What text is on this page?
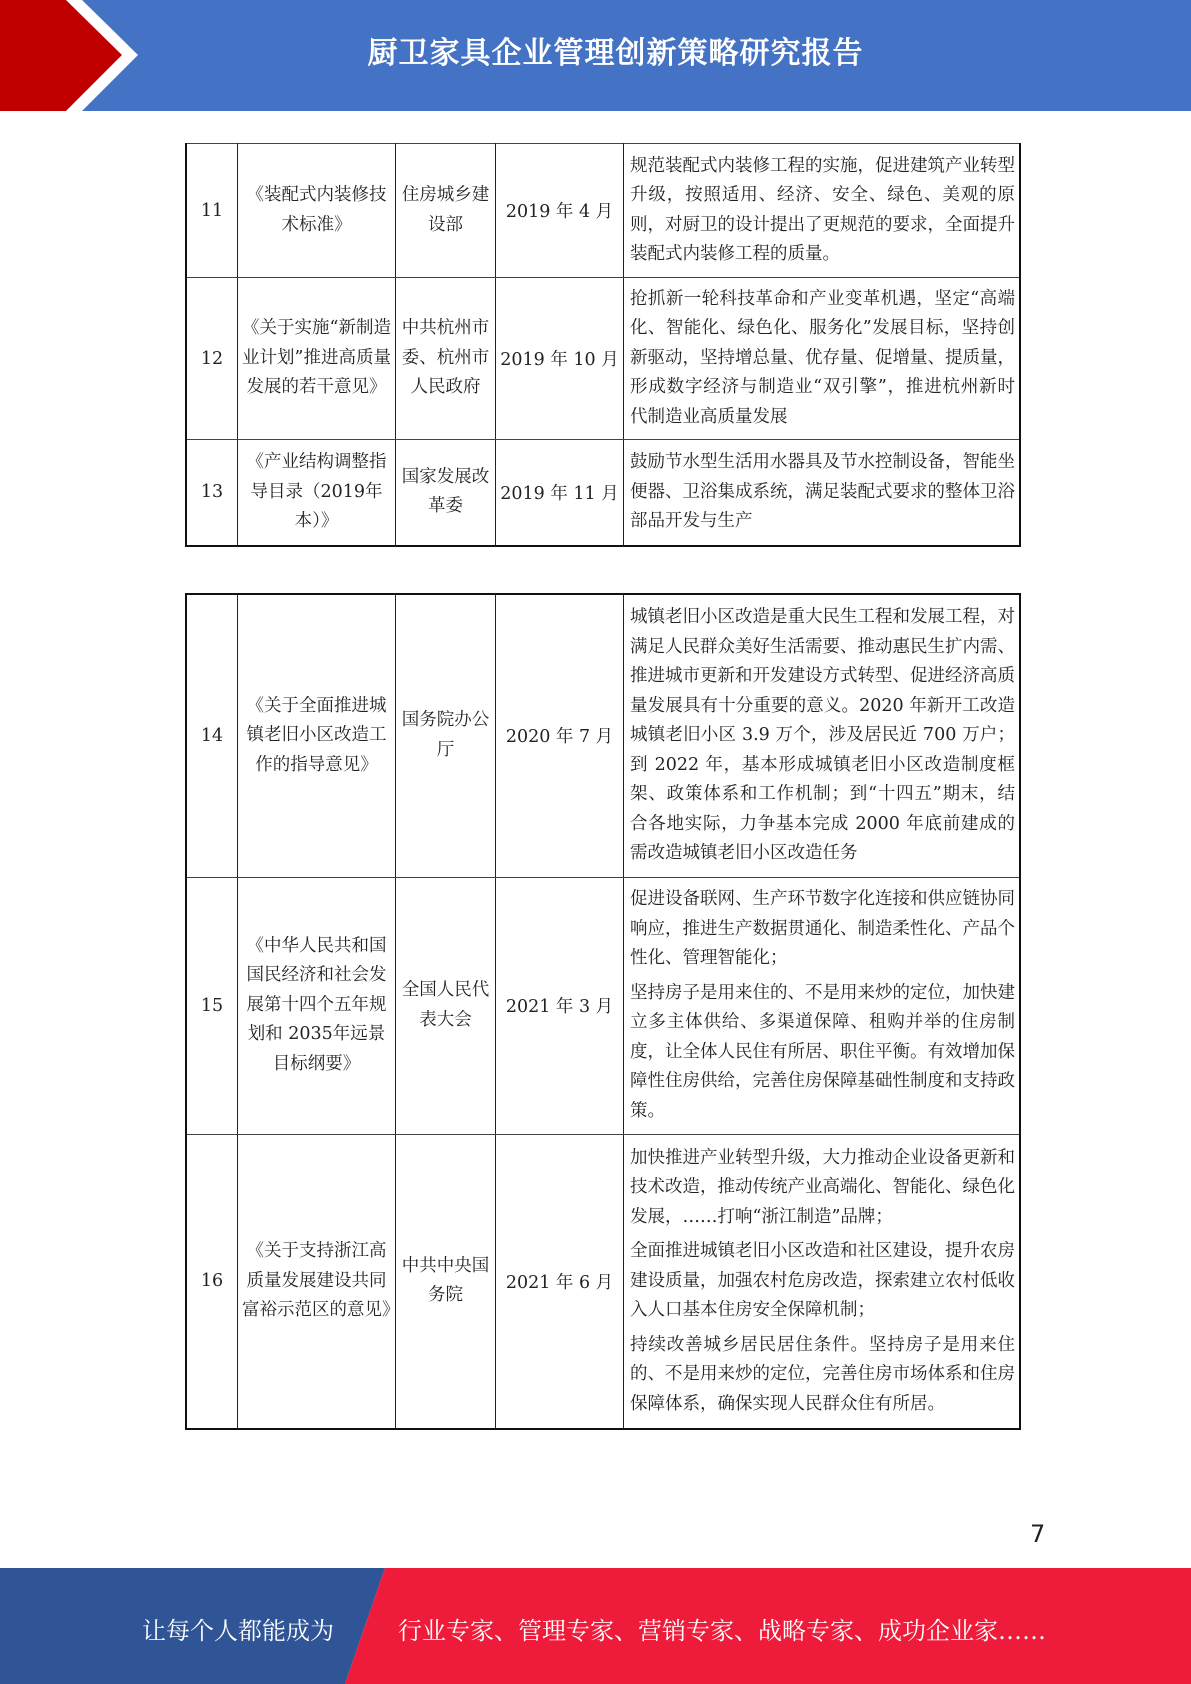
厨卫家具企业管理创新策略研究报告
11	《装配式内装修技术标准》	住房城乡建设部	2019 年 4 月	规范装配式内装修工程的实施，促进建筑产业转型升级，按照适用、经济、安全、绿色、美观的原则，对厨卫的设计提出了更规范的要求，全面提升装配式内装修工程的质量。

12	《关于实施“新制造业计划”推进高质量发展的若干意见》	中共杭州市委、杭州市人民政府	2019 年 10 月	抢抓新一轮科技革命和产业变革机遇，坚定“高端化、智能化、绿色化、服务化”发展目标，坚持创新驱动，坚持增总量、优存量、促增量、提质量，形成数字经济与制造业“双引擎”，推进杭州新时代制造业高质量发展

13	《产业结构调整指导目录（2019年本）》	国家发展改革委	2019 年 11 月	鼓励节水型生活用水器具及节水控制设备，智能坐便器、卫浴集成系统，满足装配式要求的整体卫浴部品开发与生产

14	《关于全面推进城镇老旧小区改造工作的指导意见》	国务院办公厅	2020 年 7 月	城镇老旧小区改造是重大民生工程和发展工程，对满足人民群众美好生活需要、推动惠民生扩内需、推进城市更新和开发建设方式转型、促进经济高质量发展具有十分重要的意义。2020 年新开工改造城镇老旧小区 3.9 万个，涉及居民近 700 万户；到 2022 年，基本形成城镇老旧小区改造制度框架、政策体系和工作机制；到“十四五”期末，结合各地实际，力争基本完成 2000 年底前建成的需改造城镇老旧小区改造任务

15	《中华人民共和国国民经济和社会发展第十四个五年规划和 2035年远景目标纲要》	全国人民代表大会	2021 年 3 月	促进设备联网、生产环节数字化连接和供应链协同响应，推进生产数据贯通化、制造柔性化、产品个性化、管理智能化；

坚持房子是用来住的、不是用来炒的定位，加快建立多主体供给、多渠道保障、租购并举的住房制度，让全体人民住有所居、职住平衡。有效增加保障性住房供给，完善住房保障基础性制度和支持政策。

16	《关于支持浙江高质量发展建设共同富裕示范区的意见》	中共中央国务院	2021 年 6 月	加快推进产业转型升级，大力推动企业设备更新和技术改造，推动传统产业高端化、智能化、绿色化发展，……打响“浙江制造”品牌；

全面推进城镇老旧小区改造和社区建设，提升农房建设质量，加强农村危房改造，探索建立农村低收入人口基本住房安全保障机制；

持续改善城乡居民居住条件。坚持房子是用来住的、不是用来炒的定位，完善住房市场体系和住房保障体系，确保实现人民群众住有所居。

7
让每个人都能成为	行业专家、管理专家、营销专家、战略专家、成功企业家……
